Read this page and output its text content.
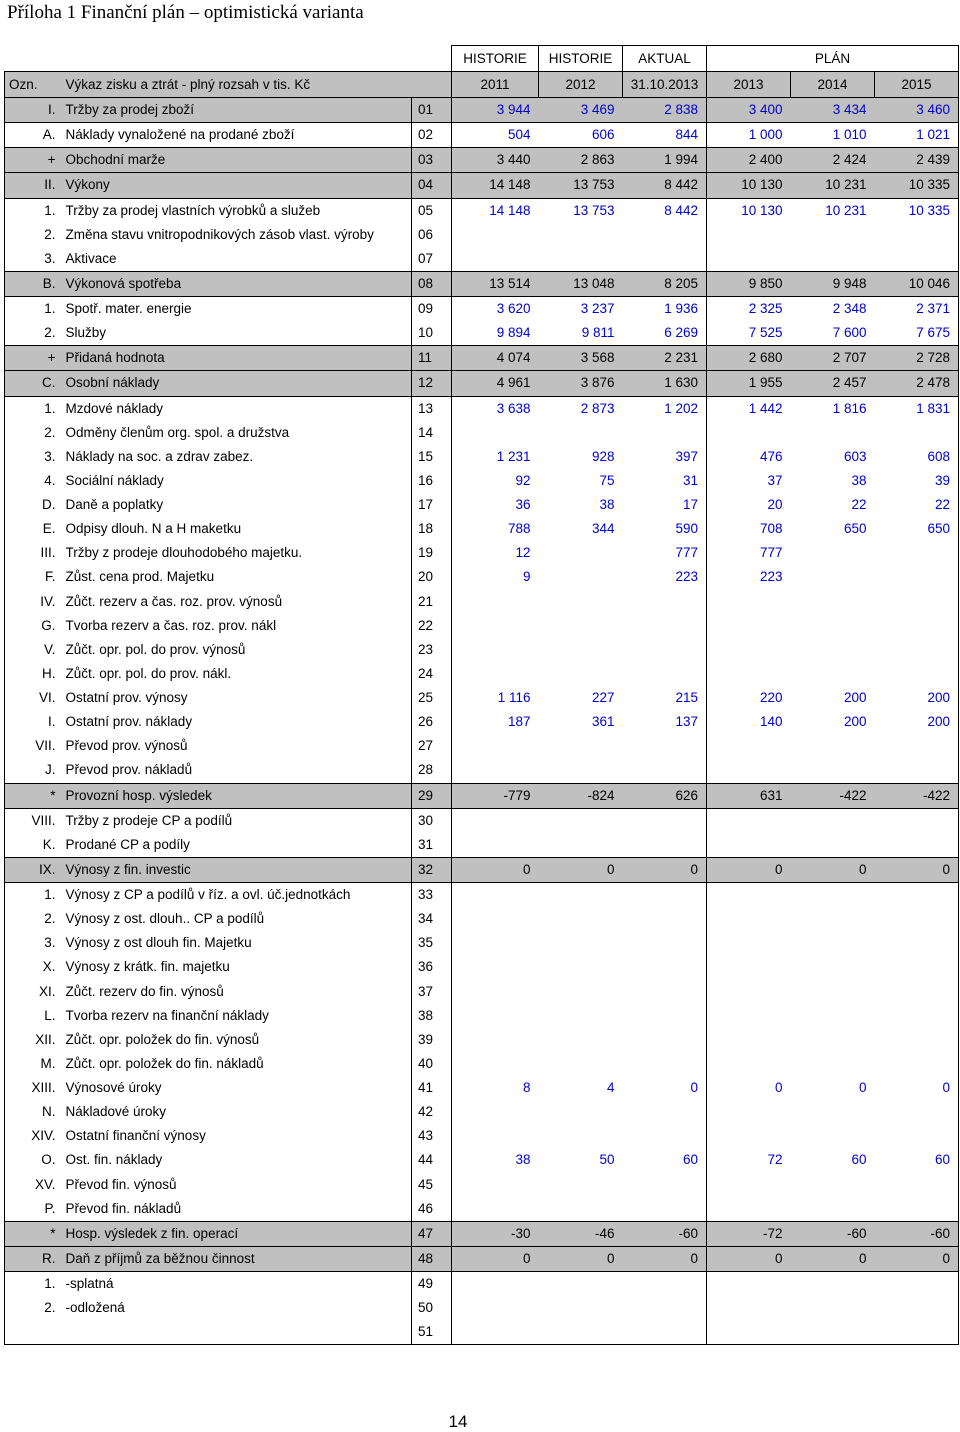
Příloha 1 Finanční plán – optimistická varianta
		HISTORIE	HISTORIE	AKTUAL	PLÁN		
Ozn.	Výkaz zisku a ztrát - plný rozsah v tis. Kč	2011	2012	31.10.2013	2013	2014	2015
I.	Tržby za prodej zboží	01	3 944	3 469	2 838	3 400	3 434	3 460
A.	Náklady vynaložené na prodané zboží	02	504	606	844	1 000	1 010	1 021
+	Obchodní marže	03	3 440	2 863	1 994	2 400	2 424	2 439
II.	Výkony	04	14 148	13 753	8 442	10 130	10 231	10 335
1.	Tržby za prodej vlastních výrobků a služeb	05	14 148	13 753	8 442	10 130	10 231	10 335
2.	Změna stavu vnitropodnikových zásob vlast. výroby	06						
3.	Aktivace	07						
B.	Výkonová spotřeba	08	13 514	13 048	8 205	9 850	9 948	10 046
1.	Spotř. mater. energie	09	3 620	3 237	1 936	2 325	2 348	2 371
2.	Služby	10	9 894	9 811	6 269	7 525	7 600	7 675
+	Přidaná hodnota	11	4 074	3 568	2 231	2 680	2 707	2 728
C.	Osobní náklady	12	4 961	3 876	1 630	1 955	2 457	2 478
1.	Mzdové náklady	13	3 638	2 873	1 202	1 442	1 816	1 831
2.	Odměny členům org. spol. a družstva	14						
3.	Náklady na soc. a zdrav zabez.	15	1 231	928	397	476	603	608
4.	Sociální náklady	16	92	75	31	37	38	39
D.	Daně a poplatky	17	36	38	17	20	22	22
E.	Odpisy dlouh. N a H maketku	18	788	344	590	708	650	650
III.	Tržby z prodeje dlouhodobého majetku.	19	12		777	777		
F.	Zůst. cena prod. Majetku	20	9		223	223		
IV.	Zůčt. rezerv a čas. roz. prov. výnosů	21						
G.	Tvorba rezerv a čas. roz. prov. nákl	22						
V.	Zůčt. opr. pol. do prov. výnosů	23						
H.	Zůčt. opr. pol. do prov. nákl.	24						
VI.	Ostatní prov. výnosy	25	1 116	227	215	220	200	200
I.	Ostatní prov. náklady	26	187	361	137	140	200	200
VII.	Převod prov. výnosů	27						
J.	Převod prov. nákladů	28						
*	Provozní hosp. výsledek	29	-779	-824	626	631	-422	-422
VIII.	Tržby z prodeje CP a podílů	30						
K.	Prodané CP a podíly	31						
IX.	Výnosy z fin. investic	32	0	0	0	0	0	0
1.	Výnosy z CP a podílů v říz. a ovl. úč.jednotkách	33						
2.	Výnosy z ost. dlouh.. CP a podílů	34						
3.	Výnosy z ost dlouh fin. Majetku	35						
X.	Výnosy z krátk. fin. majetku	36						
XI.	Zůčt. rezerv do fin. výnosů	37						
L.	Tvorba rezerv na finanční náklady	38						
XII.	Zůčt. opr. položek do fin. výnosů	39						
M.	Zůčt. opr. položek do fin. nákladů	40						
XIII.	Výnosové úroky	41	8	4	0	0	0	0
N.	Nákladové úroky	42						
XIV.	Ostatní finanční výnosy	43						
O.	Ost. fin. náklady	44	38	50	60	72	60	60
XV.	Převod fin. výnosů	45						
P.	Převod fin. nákladů	46						
*	Hosp. výsledek z fin. operací	47	-30	-46	-60	-72	-60	-60
R.	Daň z příjmů za běžnou činnost	48	0	0	0	0	0	0
1.	-splatná	49						
2.	-odložená	50						
		51						
14
